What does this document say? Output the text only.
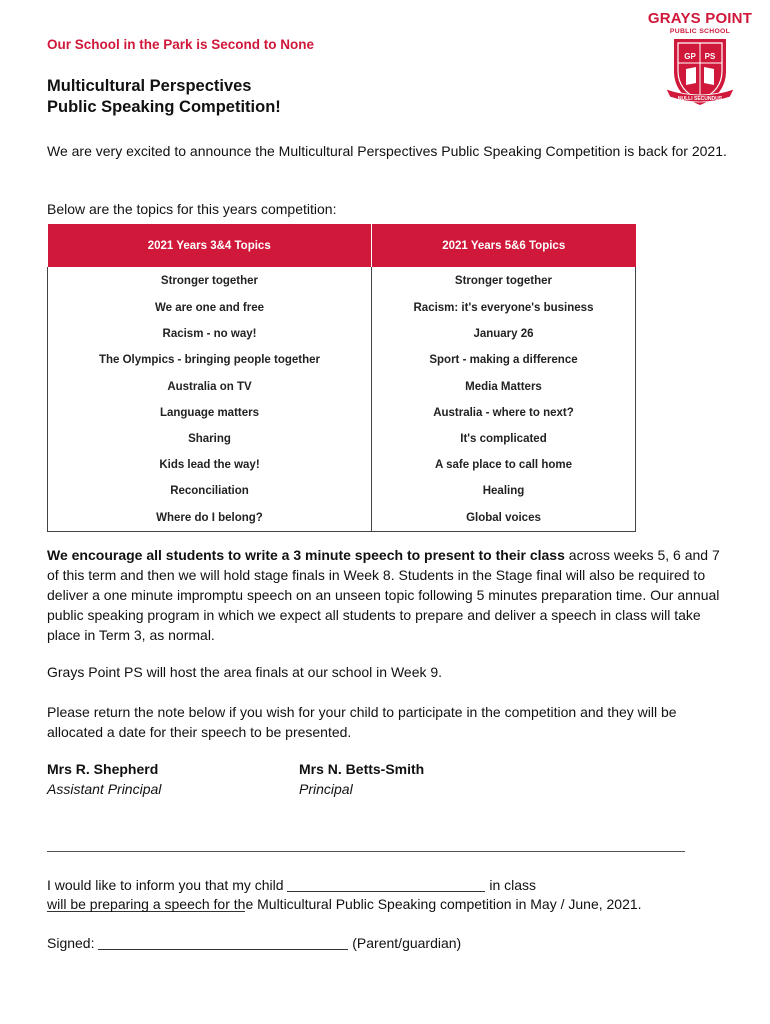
Our School in the Park is Second to None
GRAYS POINT
PUBLIC SCHOOL
GP	PS
NULLI SECUNDUS
Multicultural Perspectives
Public Speaking Competition!

We are very excited to announce the Multicultural Perspectives Public Speaking Competition is back for 2021.

Below are the topics for this years competition:

2021 Years 3&4 Topics	2021 Years 5&6 Topics
Stronger together	Stronger together
We are one and free	Racism: it's everyone's business
Racism - no way!	January 26
The Olympics - bringing people together	Sport - making a difference
Australia on TV	Media Matters
Language matters	Australia - where to next?
Sharing	It's complicated
Kids lead the way!	A safe place to call home
Reconciliation	Healing
Where do I belong?	Global voices

We encourage all students to write a 3 minute speech to present to their class across weeks 5, 6 and 7 of this term and then we will hold stage finals in Week 8. Students in the Stage final will also be required to deliver a one minute impromptu speech on an unseen topic following 5 minutes preparation time. Our annual public speaking program in which we expect all students to prepare and deliver a speech in class will take place in Term 3, as normal.

Grays Point PS will host the area finals at our school in Week 9.

Please return the note below if you wish for your child to participate in the competition and they will be allocated a date for their speech to be presented.

Mrs R. Shepherd
Assistant Principal
Mrs N. Betts-Smith
Principal

I would like to inform you that my child	in class

will be preparing a speech for the Multicultural Public Speaking competition in May / June, 2021.

Signed:	(Parent/guardian)
